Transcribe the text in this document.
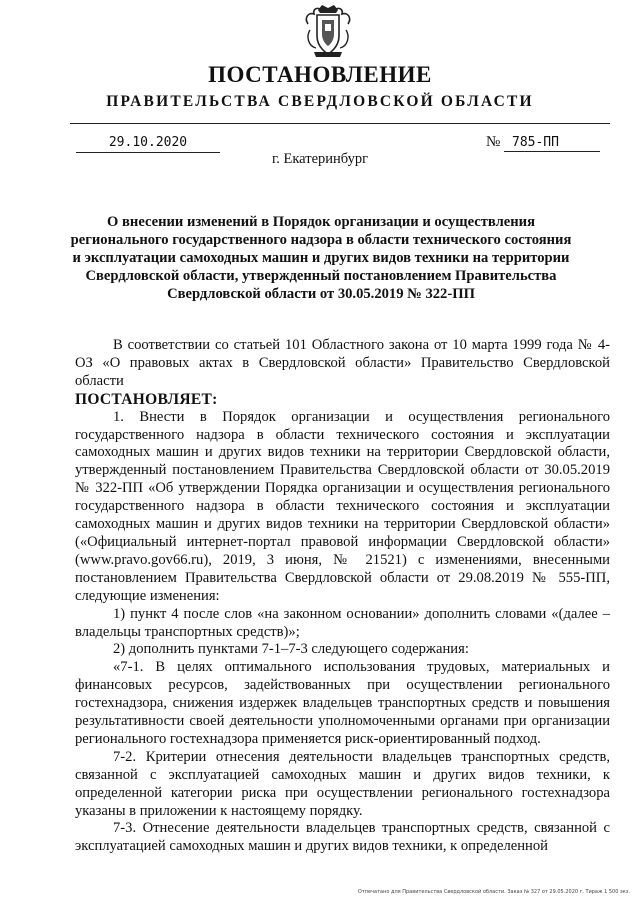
ПОСТАНОВЛЕНИЕ
ПРАВИТЕЛЬСТВА СВЕРДЛОВСКОЙ ОБЛАСТИ
29.10.2020	№ 785-ПП
г. Екатеринбург
О внесении изменений в Порядок организации и осуществления регионального государственного надзора в области технического состояния и эксплуатации самоходных машин и других видов техники на территории Свердловской области, утвержденный постановлением Правительства Свердловской области от 30.05.2019 № 322-ПП

В соответствии со статьей 101 Областного закона от 10 марта 1999 года № 4-ОЗ «О правовых актах в Свердловской области» Правительство Свердловской области

ПОСТАНОВЛЯЕТ:

1. Внести в Порядок организации и осуществления регионального государственного надзора в области технического состояния и эксплуатации самоходных машин и других видов техники на территории Свердловской области, утвержденный постановлением Правительства Свердловской области от 30.05.2019 № 322-ПП «Об утверждении Порядка организации и осуществления регионального государственного надзора в области технического состояния и эксплуатации самоходных машин и других видов техники на территории Свердловской области» («Официальный интернет-портал правовой информации Свердловской области» (www.pravo.gov66.ru), 2019, 3 июня, № 21521) с изменениями, внесенными постановлением Правительства Свердловской области от 29.08.2019 № 555-ПП, следующие изменения:

1) пункт 4 после слов «на законном основании» дополнить словами «(далее – владельцы транспортных средств)»;

2) дополнить пунктами 7-1–7-3 следующего содержания:

«7-1. В целях оптимального использования трудовых, материальных и финансовых ресурсов, задействованных при осуществлении регионального гостехнадзора, снижения издержек владельцев транспортных средств и повышения результативности своей деятельности уполномоченными органами при организации регионального гостехнадзора применяется риск-ориентированный подход.

7-2. Критерии отнесения деятельности владельцев транспортных средств, связанной с эксплуатацией самоходных машин и других видов техники, к определенной категории риска при осуществлении регионального гостехнадзора указаны в приложении к настоящему порядку.

7-3. Отнесение деятельности владельцев транспортных средств, связанной с эксплуатацией самоходных машин и других видов техники, к определенной

Отпечатано для Правительства Свердловской области. Заказ № 327 от 29.05.2020 г. Тираж 1 500 экз.
